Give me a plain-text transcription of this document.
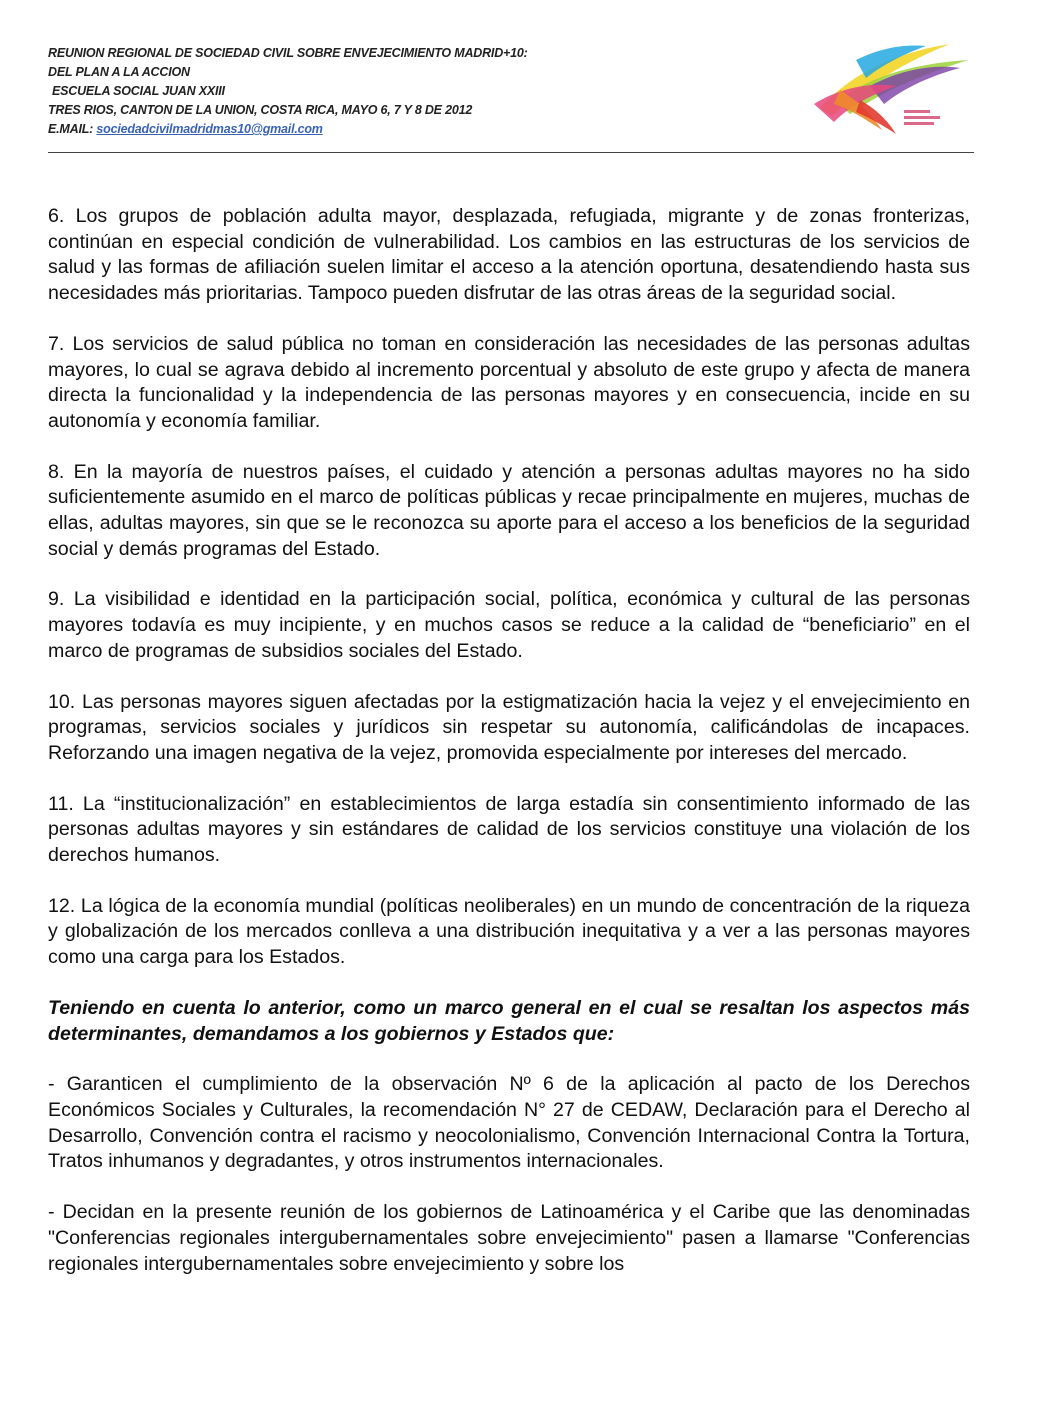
REUNION REGIONAL DE SOCIEDAD CIVIL SOBRE ENVEJECIMIENTO MADRID+10:
DEL PLAN A LA ACCION
ESCUELA SOCIAL JUAN XXIII
TRES RIOS, CANTON DE LA UNION, COSTA RICA, MAYO 6, 7 Y 8 DE 2012
E.MAIL: sociedadcivilmadridmas10@gmail.com

6. Los grupos de población adulta mayor, desplazada, refugiada, migrante y de zonas fronterizas, continúan en especial condición de vulnerabilidad. Los cambios en las estructuras de los servicios de salud y las formas de afiliación suelen limitar el acceso a la atención oportuna, desatendiendo hasta sus necesidades más prioritarias. Tampoco pueden disfrutar de las otras áreas de la seguridad social.

7. Los servicios de salud pública no toman en consideración las necesidades de las personas adultas mayores, lo cual se agrava debido al incremento porcentual y absoluto de este grupo y afecta de manera directa la funcionalidad y la independencia de las personas mayores y en consecuencia, incide en su autonomía y economía familiar.

8. En la mayoría de nuestros países, el cuidado y atención a personas adultas mayores no ha sido suficientemente asumido en el marco de políticas públicas y recae principalmente en mujeres, muchas de ellas, adultas mayores, sin que se le reconozca su aporte para el acceso a los beneficios de la seguridad social y demás programas del Estado.

9. La visibilidad e identidad en la participación social, política, económica y cultural de las personas mayores todavía es muy incipiente, y en muchos casos se reduce a la calidad de “beneficiario” en el marco de programas de subsidios sociales del Estado.

10. Las personas mayores siguen afectadas por la estigmatización hacia la vejez y el envejecimiento en programas, servicios sociales y jurídicos sin respetar su autonomía, calificándolas de incapaces. Reforzando una imagen negativa de la vejez, promovida especialmente por intereses del mercado.

11. La “institucionalización” en establecimientos de larga estadía sin consentimiento informado de las personas adultas mayores y sin estándares de calidad de los servicios constituye una violación de los derechos humanos.

12. La lógica de la economía mundial (políticas neoliberales) en un mundo de concentración de la riqueza y globalización de los mercados conlleva a una distribución inequitativa y a ver a las personas mayores como una carga para los Estados.

Teniendo en cuenta lo anterior, como un marco general en el cual se resaltan los aspectos más determinantes, demandamos a los gobiernos y Estados que:

- Garanticen el cumplimiento de la observación Nº 6 de la aplicación al pacto de los Derechos Económicos Sociales y Culturales, la recomendación N° 27 de CEDAW, Declaración para el Derecho al Desarrollo, Convención contra el racismo y neocolonialismo, Convención Internacional Contra la Tortura, Tratos inhumanos y degradantes, y otros instrumentos internacionales.

- Decidan en la presente reunión de los gobiernos de Latinoamérica y el Caribe que las denominadas "Conferencias regionales intergubernamentales sobre envejecimiento" pasen a llamarse "Conferencias regionales intergubernamentales sobre envejecimiento y sobre los
